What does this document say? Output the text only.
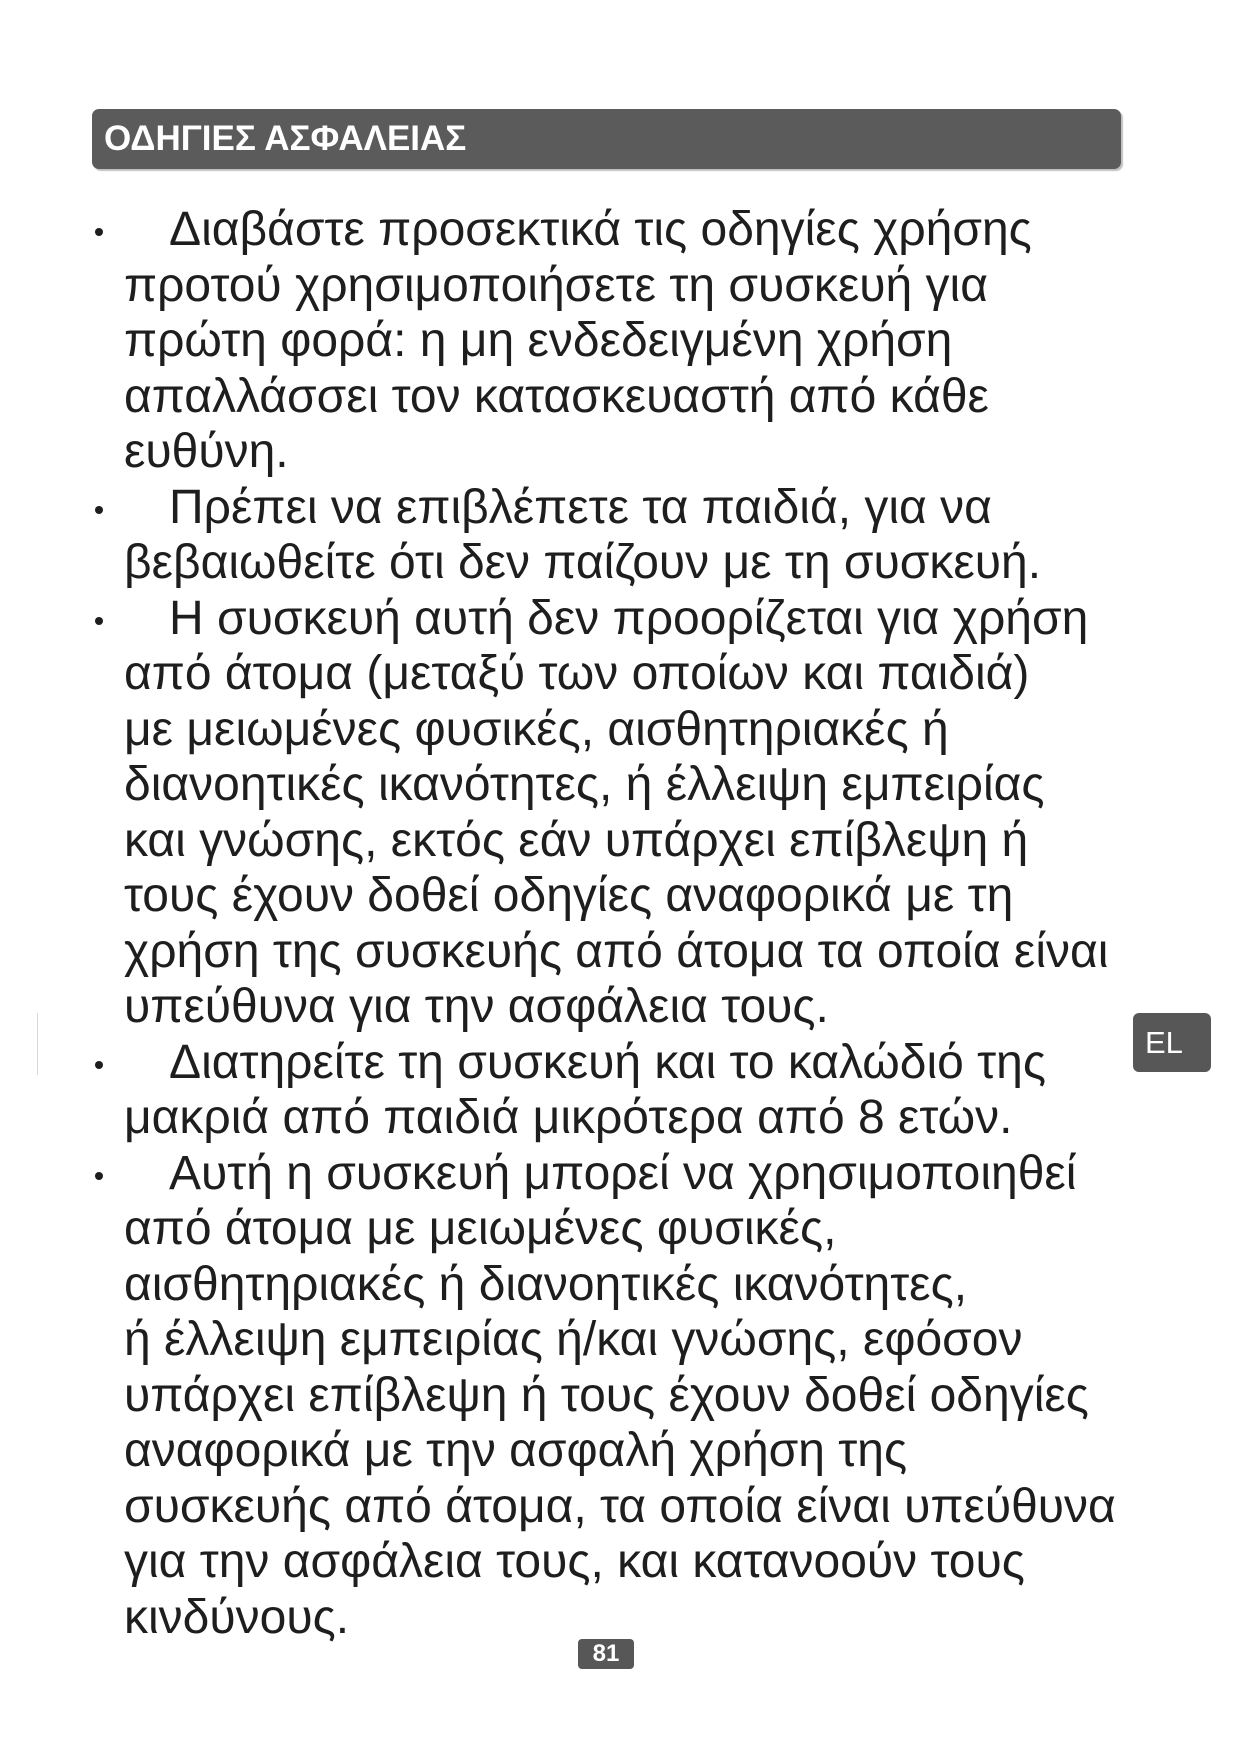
ΟΔΗΓΙΕΣ ΑΣΦΑΛΕΙΑΣ
Διαβάστε προσεκτικά τις οδηγίες χρήσης
προτού χρησιμοποιήσετε τη συσκευή για
πρώτη φορά: η μη ενδεδειγμένη χρήση
απαλλάσσει τον κατασκευαστή από κάθε
ευθύνη.
Πρέπει να επιβλέπετε τα παιδιά, για να
βεβαιωθείτε ότι δεν παίζουν με τη συσκευή.
Η συσκευή αυτή δεν προορίζεται για χρήση
από άτομα (μεταξύ των οποίων και παιδιά)
με μειωμένες φυσικές, αισθητηριακές ή
διανοητικές ικανότητες, ή έλλειψη εμπειρίας
και γνώσης, εκτός εάν υπάρχει επίβλεψη ή
τους έχουν δοθεί οδηγίες αναφορικά με τη
χρήση της συσκευής από άτομα τα οποία είναι
υπεύθυνα για την ασφάλεια τους.
Διατηρείτε τη συσκευή και το καλώδιό της
μακριά από παιδιά μικρότερα από 8 ετών.
Αυτή η συσκευή μπορεί να χρησιμοποιηθεί
από άτομα με μειωμένες φυσικές,
αισθητηριακές ή διανοητικές ικανότητες,
ή έλλειψη εμπειρίας ή/και γνώσης, εφόσον
υπάρχει επίβλεψη ή τους έχουν δοθεί οδηγίες
αναφορικά με την ασφαλή χρήση της
συσκευής από άτομα, τα οποία είναι υπεύθυνα
για την ασφάλεια τους, και κατανοούν τους
κινδύνους.
EL
81
